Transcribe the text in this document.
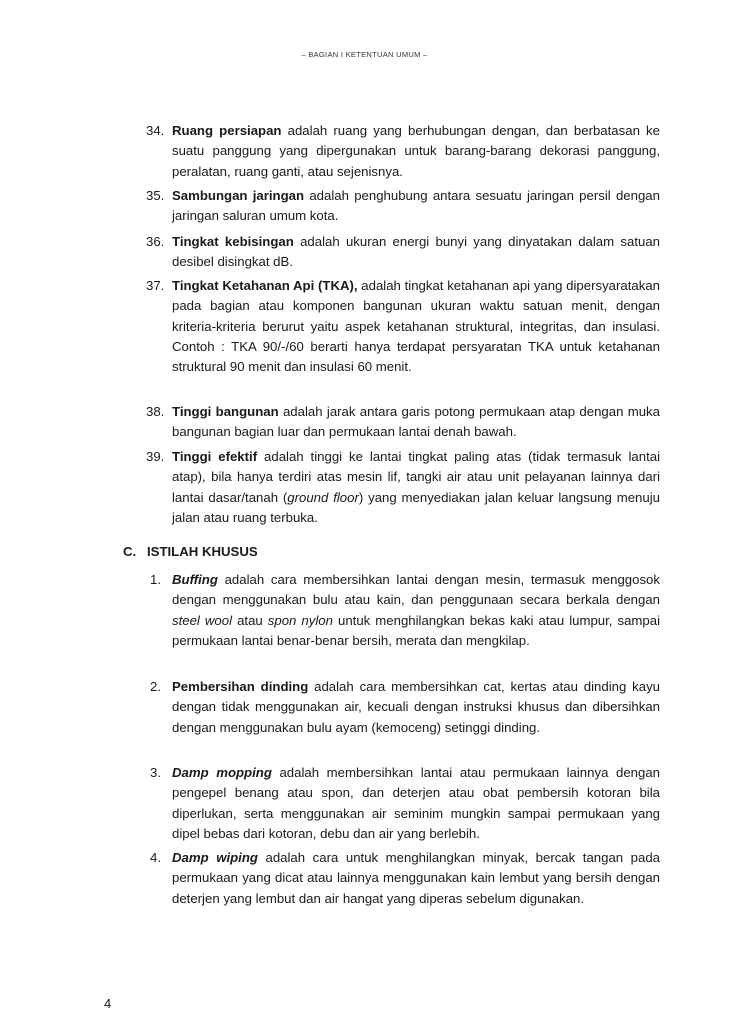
– BAGIAN I KETENTUAN UMUM –
34. Ruang persiapan adalah ruang yang berhubungan dengan, dan berbatasan ke suatu panggung yang dipergunakan untuk barang-barang dekorasi panggung, peralatan, ruang ganti, atau sejenisnya.

35. Sambungan jaringan adalah penghubung antara sesuatu jaringan persil dengan jaringan saluran umum kota.

36. Tingkat kebisingan adalah ukuran energi bunyi yang dinyatakan dalam satuan desibel disingkat dB.

37. Tingkat Ketahanan Api (TKA), adalah tingkat ketahanan api yang dipersyaratakan pada bagian atau komponen bangunan ukuran waktu satuan menit, dengan kriteria-kriteria berurut yaitu aspek ketahanan struktural, integritas, dan insulasi. Contoh : TKA 90/-/60 berarti hanya terdapat persyaratan TKA untuk ketahanan struktural 90 menit dan insulasi 60 menit.

38. Tinggi bangunan adalah jarak antara garis potong permukaan atap dengan muka bangunan bagian luar dan permukaan lantai denah bawah.

39. Tinggi efektif adalah tinggi ke lantai tingkat paling atas (tidak termasuk lantai atap), bila hanya terdiri atas mesin lif, tangki air atau unit pelayanan lainnya dari lantai dasar/tanah (ground floor) yang menyediakan jalan keluar langsung menuju jalan atau ruang terbuka.

C. ISTILAH KHUSUS
1. Buffing adalah cara membersihkan lantai dengan mesin, termasuk menggosok dengan menggunakan bulu atau kain, dan penggunaan secara berkala dengan steel wool atau spon nylon untuk menghilangkan bekas kaki atau lumpur, sampai permukaan lantai benar-benar bersih, merata dan mengkilap.

2. Pembersihan dinding adalah cara membersihkan cat, kertas atau dinding kayu dengan tidak menggunakan air, kecuali dengan instruksi khusus dan dibersihkan dengan menggunakan bulu ayam (kemoceng) setinggi dinding.

3. Damp mopping adalah membersihkan lantai atau permukaan lainnya dengan pengepel benang atau spon, dan deterjen atau obat pembersih kotoran bila diperlukan, serta menggunakan air seminim mungkin sampai permukaan yang dipel bebas dari kotoran, debu dan air yang berlebih.

4. Damp wiping adalah cara untuk menghilangkan minyak, bercak tangan pada permukaan yang dicat atau lainnya menggunakan kain lembut yang bersih dengan deterjen yang lembut dan air hangat yang diperas sebelum digunakan.

4
